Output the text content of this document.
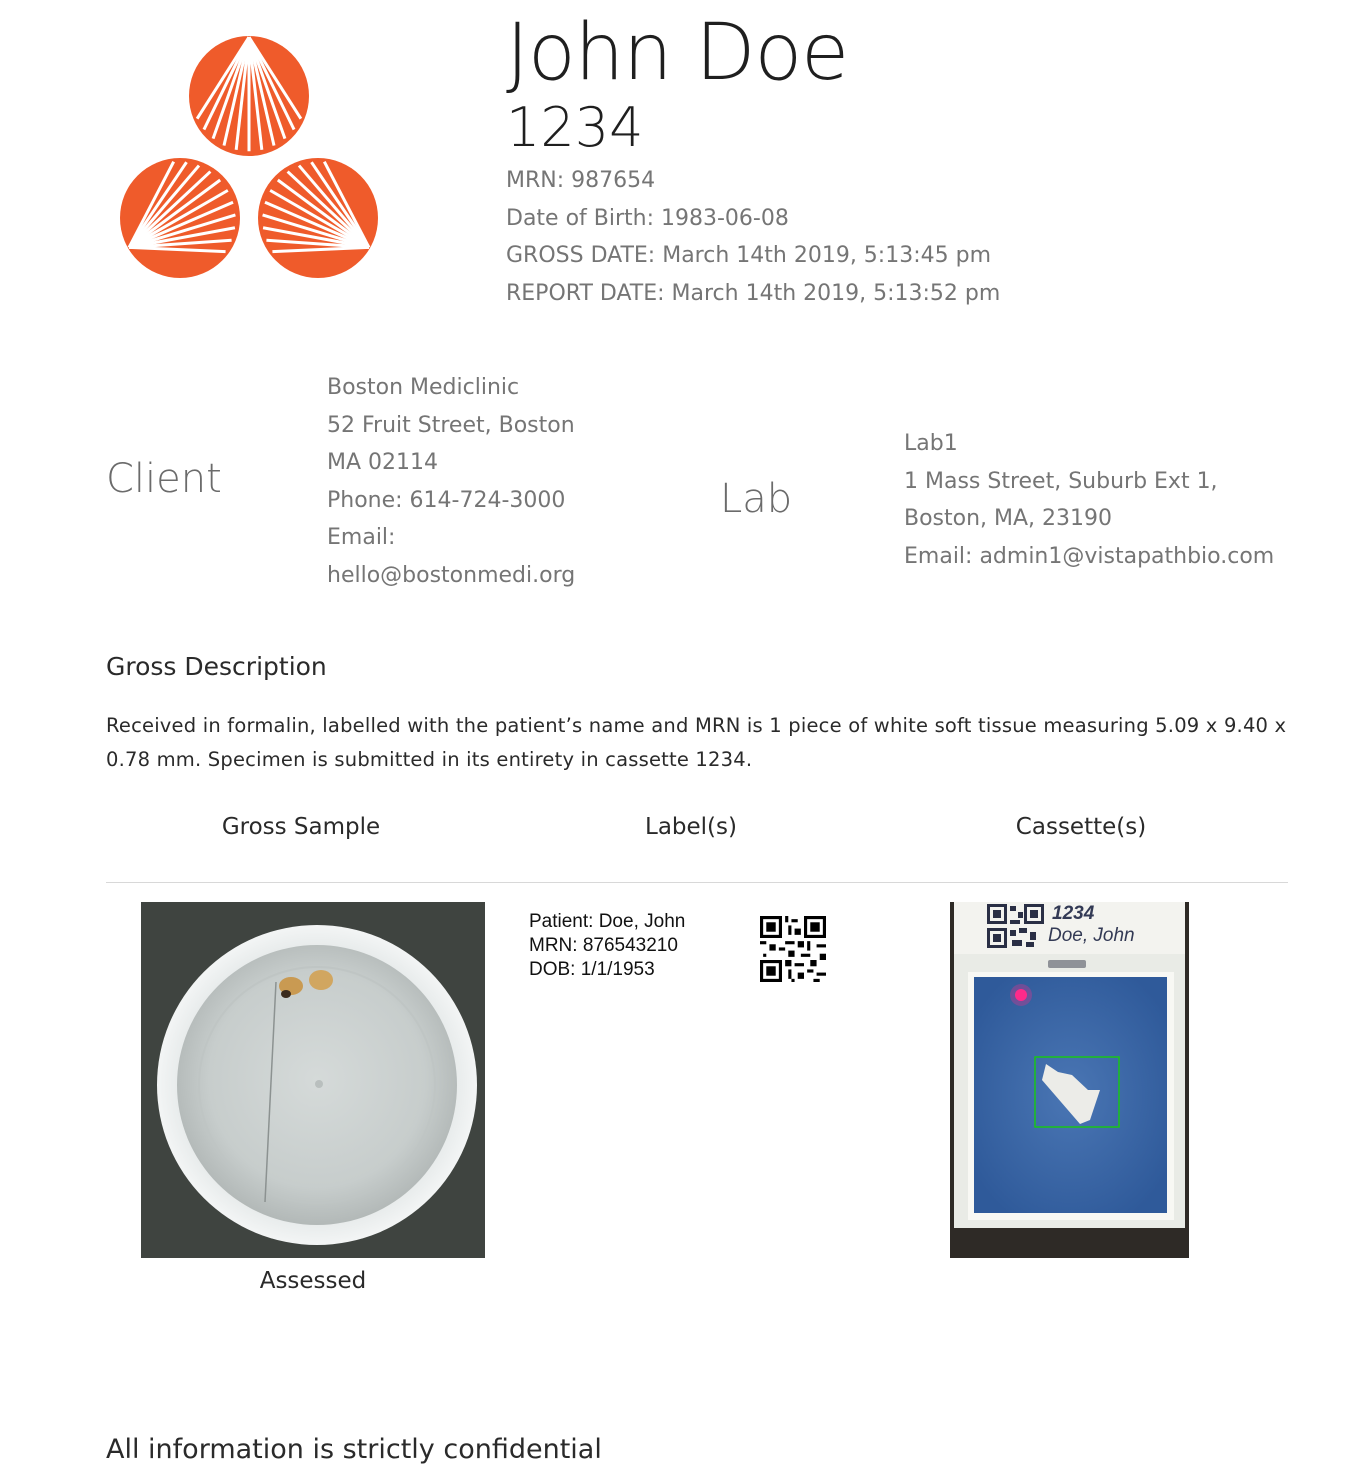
John Doe
1234
MRN: 987654
Date of Birth: 1983-06-08
GROSS DATE: March 14th 2019, 5:13:45 pm
REPORT DATE: March 14th 2019, 5:13:52 pm
Client
Boston Mediclinic
52 Fruit Street, Boston
MA 02114
Phone: 614-724-3000
Email:
hello@bostonmedi.org
Lab
Lab1
1 Mass Street, Suburb Ext 1,
Boston, MA, 23190
Email: admin1@vistapathbio.com
Gross Description
Received in formalin, labelled with the patient’s name and MRN is 1 piece of white soft tissue measuring 5.09 x 9.40 x 0.78 mm. Specimen is submitted in its entirety in cassette 1234.
Gross Sample	Label(s)	Cassette(s)
Assessed
Patient: Doe, John
MRN: 876543210
DOB: 1/1/1953
1234
Doe, John
All information is strictly confidential
